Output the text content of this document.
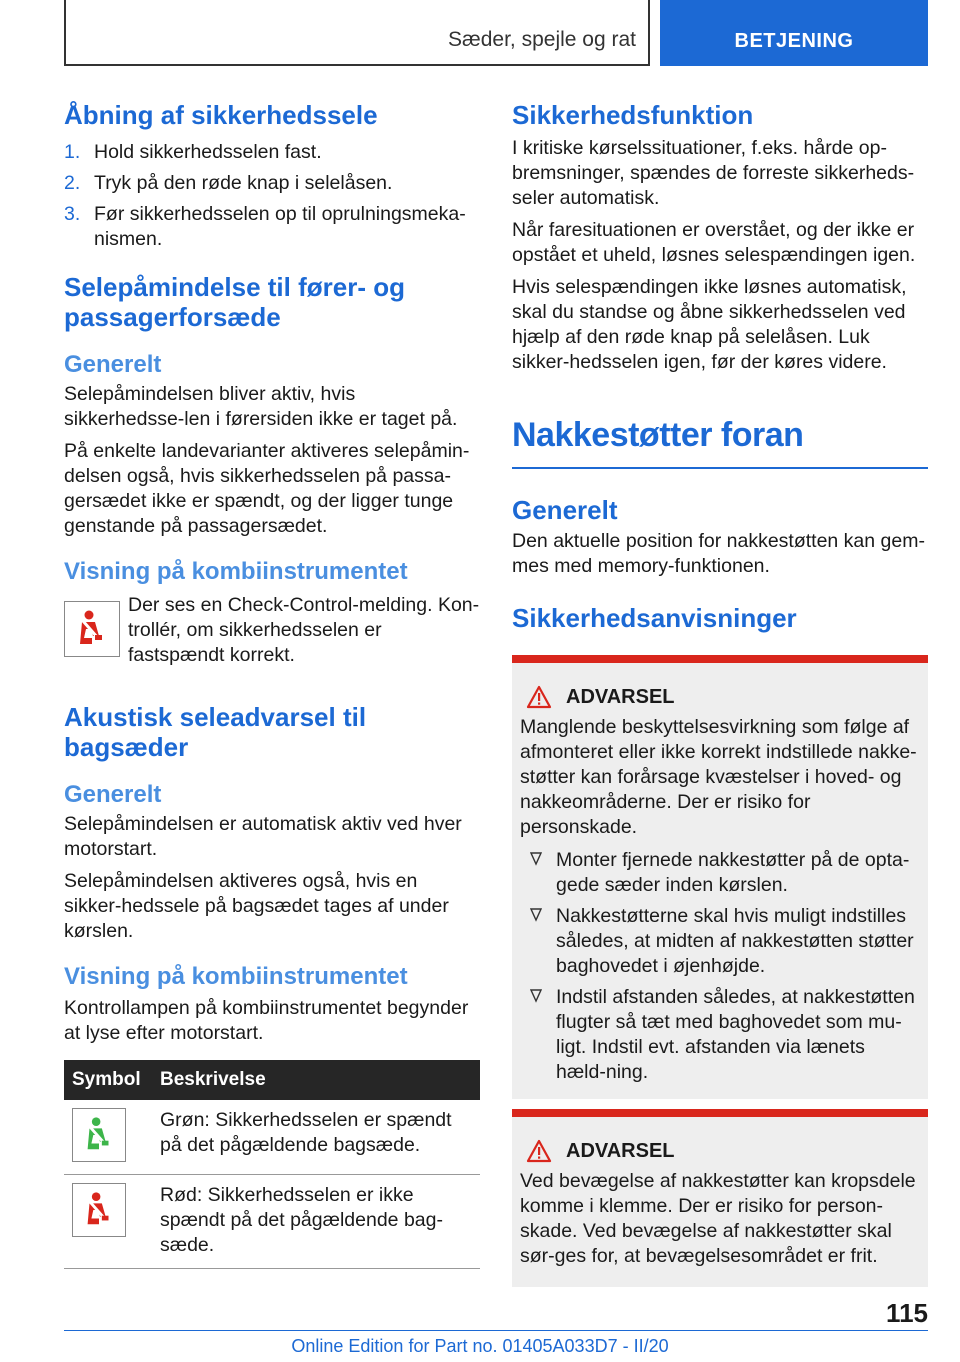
Sæder, spejle og rat	BETJENING
Åbning af sikkerhedssele
1. Hold sikkerhedsselen fast.
2. Tryk på den røde knap i selelåsen.
3. Før sikkerhedsselen op til oprulningsmeka-nismen.
Selepåmindelse til fører- og passagerforsæde
Generelt

Selepåmindelsen bliver aktiv, hvis sikkerhedsse-len i førersiden ikke er taget på.

På enkelte landevarianter aktiveres selepåmin-delsen også, hvis sikkerhedsselen på passa-gersædet ikke er spændt, og der ligger tunge genstande på passagersædet.

Visning på kombiinstrumentet

Der ses en Check-Control-melding. Kon-trollér, om sikkerhedsselen er fastspændt korrekt.

Akustisk seleadvarsel til bagsæder
Generelt

Selepåmindelsen er automatisk aktiv ved hver motorstart.

Selepåmindelsen aktiveres også, hvis en sikker-hedssele på bagsædet tages af under kørslen.

Visning på kombiinstrumentet

Kontrollampen på kombiinstrumentet begynder at lyse efter motorstart.

Symbol	Beskrivelse

	Grøn: Sikkerhedsselen er spændt på det pågældende bagsæde.

	Rød: Sikkerhedsselen er ikke spændt på det pågældende bag-sæde.
Sikkerhedsfunktion

I kritiske kørselssituationer, f.eks. hårde op-bremsninger, spændes de forreste sikkerheds-seler automatisk.

Når faresituationen er overstået, og der ikke er opstået et uheld, løsnes selespændingen igen.

Hvis selespændingen ikke løsnes automatisk, skal du standse og åbne sikkerhedsselen ved hjælp af den røde knap på selelåsen. Luk sikker-hedsselen igen, før der køres videre.

Nakkestøtter foran
Generelt

Den aktuelle position for nakkestøtten kan gem-mes med memory-funktionen.

Sikkerhedsanvisninger
ADVARSEL

Manglende beskyttelsesvirkning som følge af afmonteret eller ikke korrekt indstillede nakke-støtter kan forårsage kvæstelser i hoved- og nakkeområderne. Der er risiko for personskade.

Monter fjernede nakkestøtter på de opta-gede sæder inden kørslen.
Nakkestøtterne skal hvis muligt indstilles således, at midten af nakkestøtten støtter baghovedet i øjenhøjde.
Indstil afstanden således, at nakkestøtten flugter så tæt med baghovedet som mu-ligt. Indstil evt. afstanden via lænets hæld-ning.
ADVARSEL

Ved bevægelse af nakkestøtter kan kropsdele komme i klemme. Der er risiko for person-skade. Ved bevægelse af nakkestøtter skal sør-ges for, at bevægelsesområdet er frit.

115
Online Edition for Part no. 01405A033D7 - II/20
